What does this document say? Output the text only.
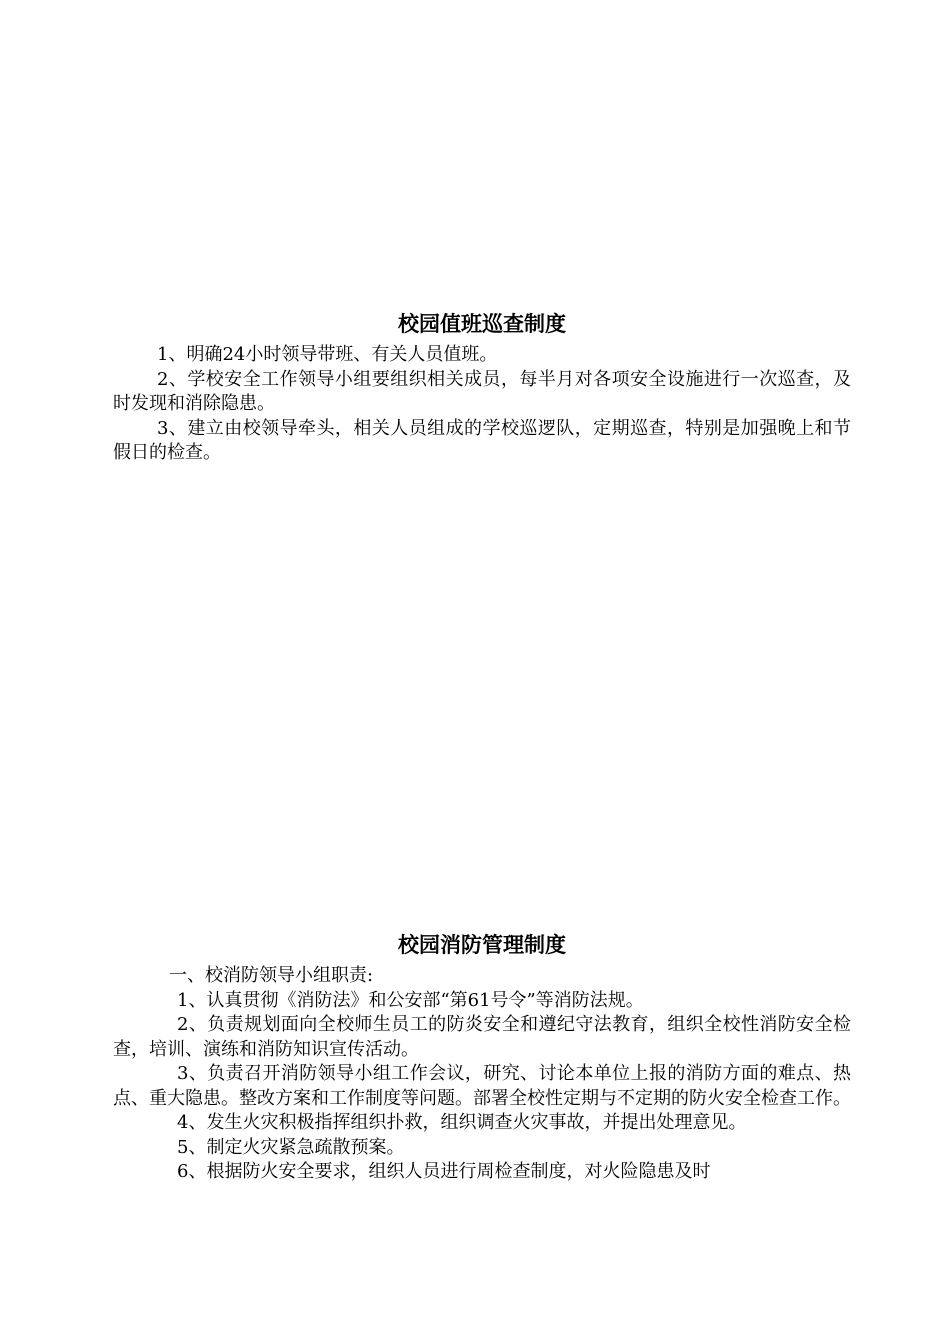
校园值班巡查制度

1、明确24小时领导带班、有关人员值班。

2、学校安全工作领导小组要组织相关成员，每半月对各项安全设施进行一次巡查，及时发现和消除隐患。

3、建立由校领导牵头，相关人员组成的学校巡逻队，定期巡查，特别是加强晚上和节假日的检查。

校园消防管理制度

一、校消防领导小组职责:

1、认真贯彻《消防法》和公安部“第61号令”等消防法规。

2、负责规划面向全校师生员工的防炎安全和遵纪守法教育，组织全校性消防安全检查，培训、演练和消防知识宣传活动。

3、负责召开消防领导小组工作会议，研究、讨论本单位上报的消防方面的难点、热点、重大隐患。整改方案和工作制度等问题。部署全校性定期与不定期的防火安全检查工作。

4、发生火灾积极指挥组织扑救，组织调查火灾事故，并提出处理意见。

5、制定火灾紧急疏散预案。

6、根据防火安全要求，组织人员进行周检查制度，对火险隐患及时
